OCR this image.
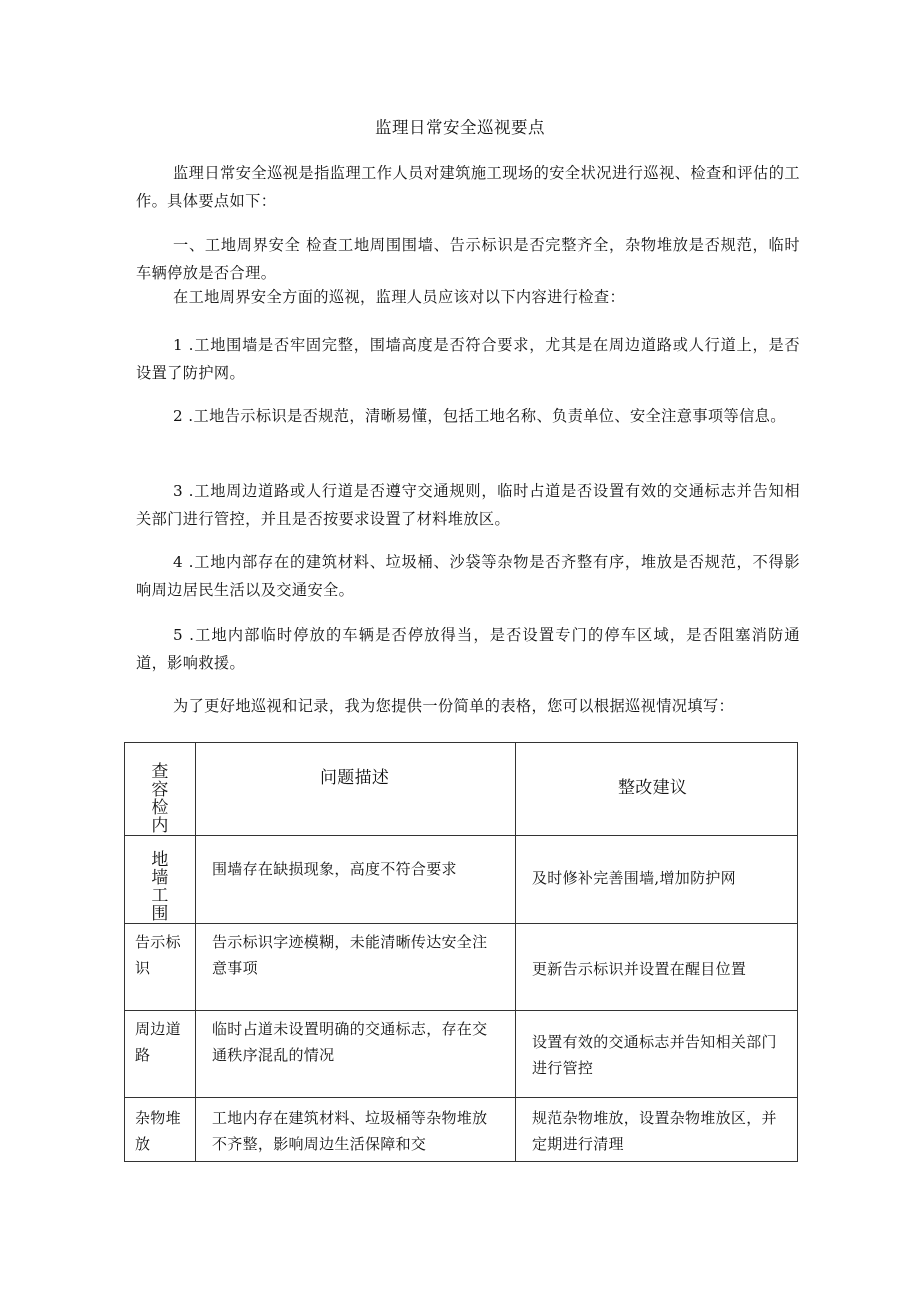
监理日常安全巡视要点

监理日常安全巡视是指监理工作人员对建筑施工现场的安全状况进行巡视、检查和评估的工作。具体要点如下：

一、工地周界安全 检查工地周围围墙、告示标识是否完整齐全，杂物堆放是否规范，临时车辆停放是否合理。

在工地周界安全方面的巡视，监理人员应该对以下内容进行检查：

1 .工地围墙是否牢固完整，围墙高度是否符合要求，尤其是在周边道路或人行道上，是否设置了防护网。

2 .工地告示标识是否规范，清晰易懂，包括工地名称、负责单位、安全注意事项等信息。

3 .工地周边道路或人行道是否遵守交通规则，临时占道是否设置有效的交通标志并告知相关部门进行管控，并且是否按要求设置了材料堆放区。

4 .工地内部存在的建筑材料、垃圾桶、沙袋等杂物是否齐整有序，堆放是否规范，不得影响周边居民生活以及交通安全。

5 .工地内部临时停放的车辆是否停放得当，是否设置专门的停车区域，是否阻塞消防通道，影响救援。

为了更好地巡视和记录，我为您提供一份简单的表格，您可以根据巡视情况填写：

查容检内	问题描述	整改建议

地墙工围	围墙存在缺损现象，高度不符合要求	及时修补完善围墙,增加防护网

告示标识	告示标识字迹模糊，未能清晰传达安全注意事项	更新告示标识并设置在醒目位置

周边道路	临时占道未设置明确的交通标志，存在交通秩序混乱的情况	设置有效的交通标志并告知相关部门进行管控

杂物堆放	工地内存在建筑材料、垃圾桶等杂物堆放不齐整，影响周边生活保障和交	规范杂物堆放，设置杂物堆放区，并定期进行清理
